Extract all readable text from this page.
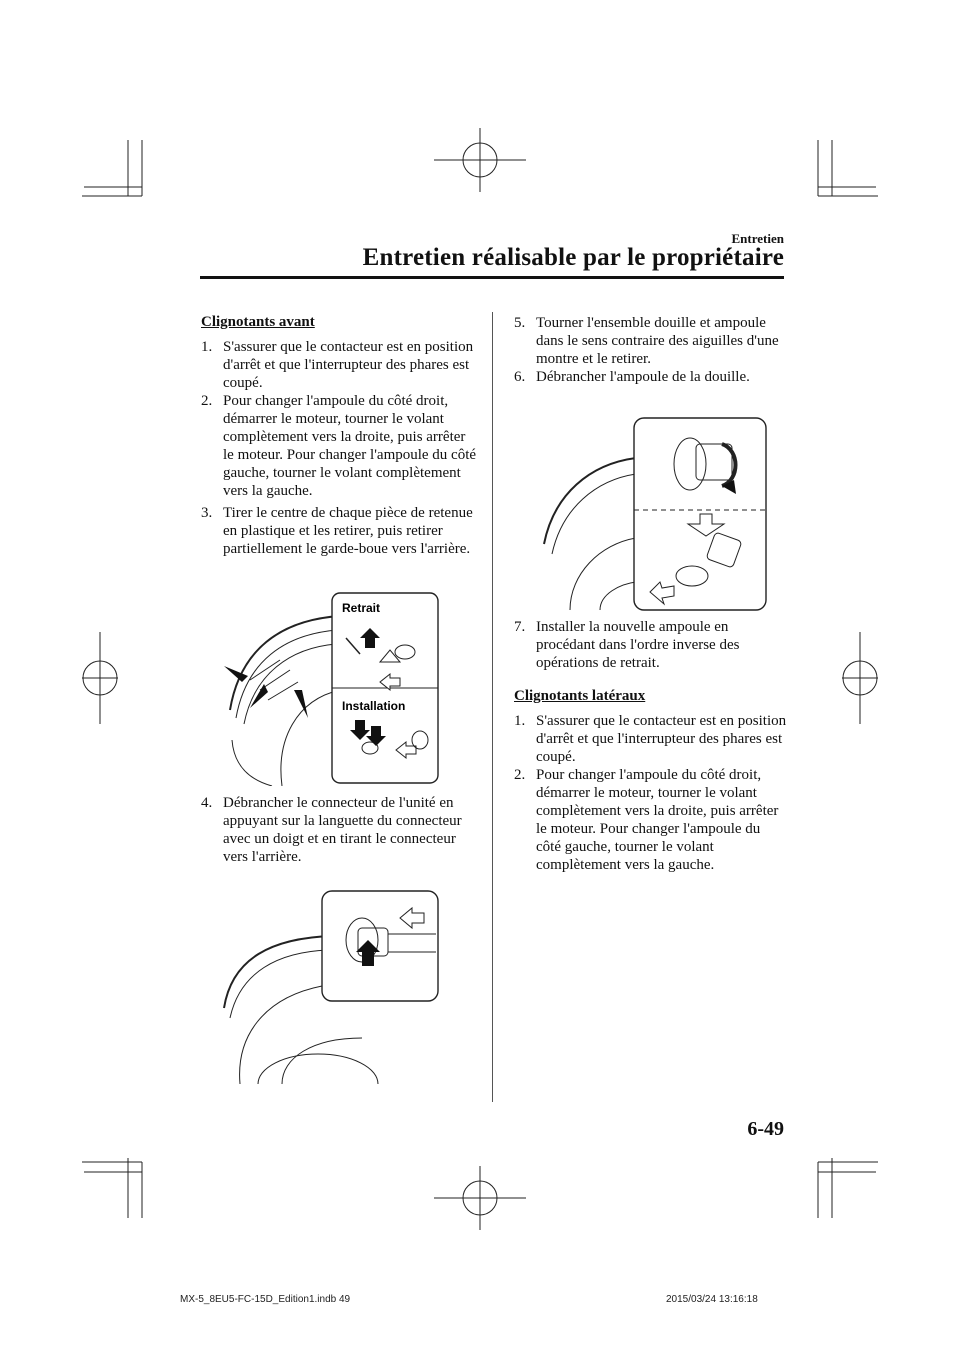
Entretien
Entretien réalisable par le propriétaire
Clignotants avant
1. S'assurer que le contacteur est en position d'arrêt et que l'interrupteur des phares est coupé.
2. Pour changer l'ampoule du côté droit, démarrer le moteur, tourner le volant complètement vers la droite, puis arrêter le moteur. Pour changer l'ampoule du côté gauche, tourner le volant complètement vers la gauche.
3. Tirer le centre de chaque pièce de retenue en plastique et les retirer, puis retirer partiellement le garde-boue vers l'arrière.
Retrait
Installation
4. Débrancher le connecteur de l'unité en appuyant sur la languette du connecteur avec un doigt et en tirant le connecteur vers l'arrière.
5. Tourner l'ensemble douille et ampoule dans le sens contraire des aiguilles d'une montre et le retirer.
6. Débrancher l'ampoule de la douille.
7. Installer la nouvelle ampoule en procédant dans l'ordre inverse des opérations de retrait.
Clignotants latéraux
1. S'assurer que le contacteur est en position d'arrêt et que l'interrupteur des phares est coupé.
2. Pour changer l'ampoule du côté droit, démarrer le moteur, tourner le volant complètement vers la droite, puis arrêter le moteur. Pour changer l'ampoule du côté gauche, tourner le volant complètement vers la gauche.
6-49
MX-5_8EU5-FC-15D_Edition1.indb 49	2015/03/24 13:16:18
